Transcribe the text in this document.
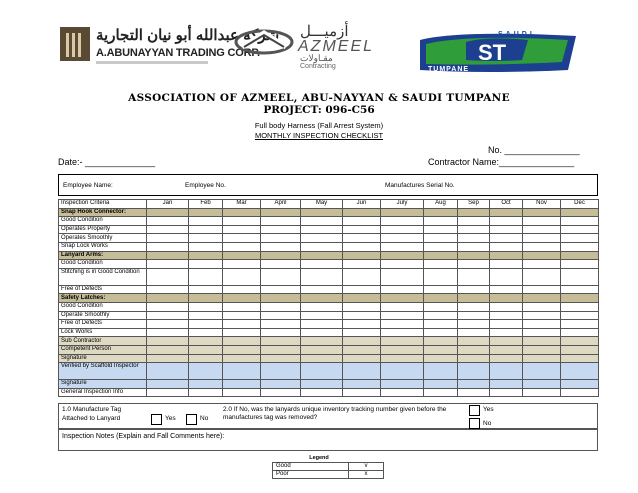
شركة عبدالله أبو نيان التجارية
A.ABUNAYYAN TRADING CORP.
أزميـــل
AZMEEL
مقـاولات
Contracting
ST
SAUDI
TUMPANE
ASSOCIATION OF AZMEEL, ABU-NAYYAN & SAUDI TUMPANE
PROJECT: 096-C56
Full body Harness (Fall Arrest System)
MONTHLY INSPECTION CHECKLIST
No. _______________
Date:- ______________	Contractor Name:_______________
Employee Name:	Employee No.	Manufactures Serial No.
Inspection Criteria	Jan	Feb	Mar	April	May	Jun	July	Aug	Sep	Oct	Nov	Dec
Snap Hook Connector:												
Good Condition												
Operates Property												
Operates Smoothly												
Snap Lock Works												
Lanyard Arms:												
Good Condition												
Stitching is in Good Condition												
Free of Defects												
Safety Latches:												
Good Condition												
Operate Smoothly												
Free of Defects												
Lock Works												
Sub Contractor												
Competent Person												
Signature												
Verified by Scaffold Inspector												
Signature												
General Inspection Info												
1.0 Manufacture Tag
Attached to Lanyard	Yes	No
2.0 If No, was the lanyards unique inventory tracking number given before the manufactures tag was removed?
Yes
No
Inspection Notes (Explain and Fall Comments here):
Legend
Good	v
Poor	x
